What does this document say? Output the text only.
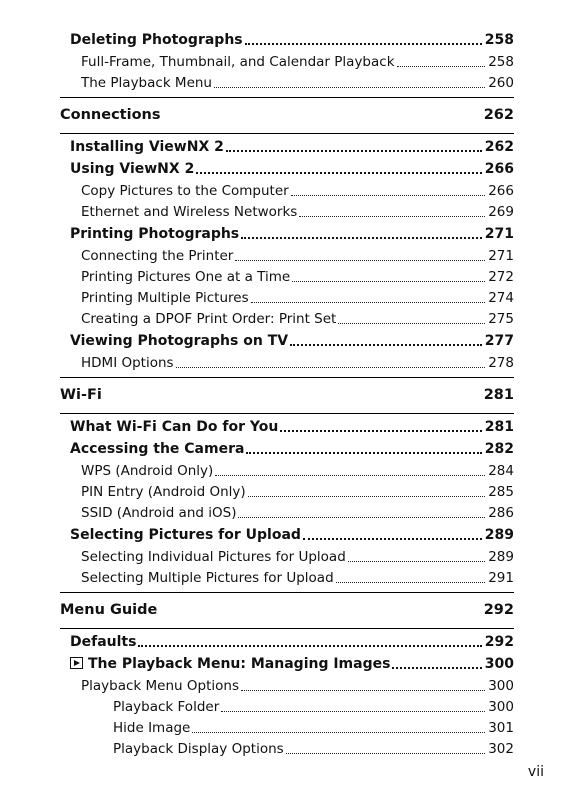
Deleting Photographs	258
Full-Frame, Thumbnail, and Calendar Playback	258
The Playback Menu	260
Connections	262
Installing ViewNX 2	262
Using ViewNX 2	266
Copy Pictures to the Computer	266
Ethernet and Wireless Networks	269
Printing Photographs	271
Connecting the Printer	271
Printing Pictures One at a Time	272
Printing Multiple Pictures	274
Creating a DPOF Print Order: Print Set	275
Viewing Photographs on TV	277
HDMI Options	278
Wi-Fi	281
What Wi-Fi Can Do for You	281
Accessing the Camera	282
WPS (Android Only)	284
PIN Entry (Android Only)	285
SSID (Android and iOS)	286
Selecting Pictures for Upload	289
Selecting Individual Pictures for Upload	289
Selecting Multiple Pictures for Upload	291
Menu Guide	292
Defaults	292
The Playback Menu: Managing Images	300
Playback Menu Options	300
Playback Folder	300
Hide Image	301
Playback Display Options	302
vii
